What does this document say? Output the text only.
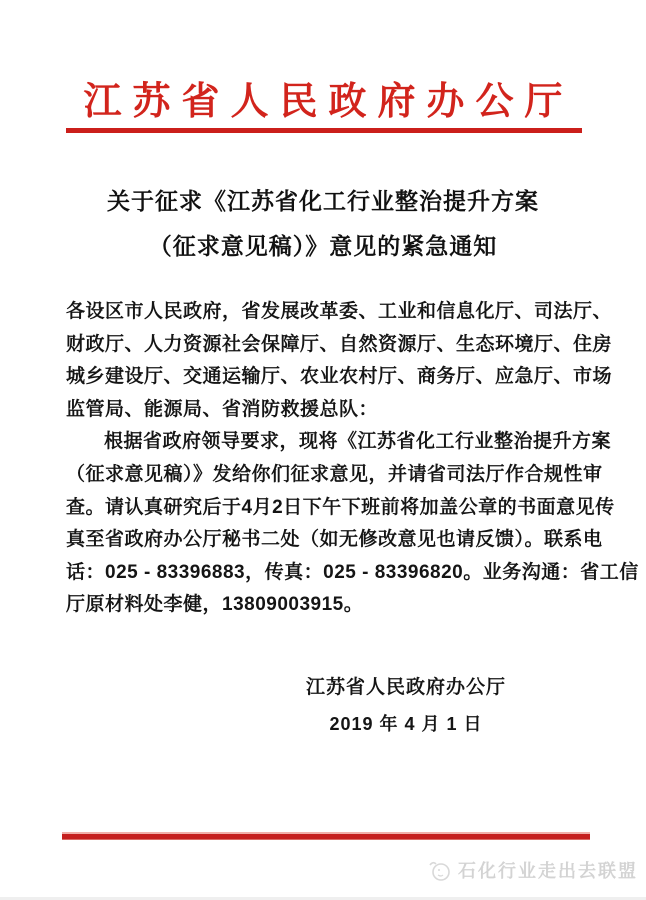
江苏省人民政府办公厅
关于征求《江苏省化工行业整治提升方案
（征求意见稿）》意见的紧急通知
各设区市人民政府，省发展改革委、工业和信息化厅、司法厅、
财政厅、人力资源社会保障厅、自然资源厅、生态环境厅、住房
城乡建设厅、交通运输厅、农业农村厅、商务厅、应急厅、市场
监管局、能源局、省消防救援总队：
根据省政府领导要求，现将《江苏省化工行业整治提升方案
（征求意见稿）》发给你们征求意见，并请省司法厅作合规性审
查。请认真研究后于4月2日下午下班前将加盖公章的书面意见传
真至省政府办公厅秘书二处（如无修改意见也请反馈）。联系电
话：025 - 83396883，传真：025 - 83396820。业务沟通：省工信
厅原材料处李健，13809003915。
江苏省人民政府办公厅
2019 年 4 月 1 日
石化行业走出去联盟
